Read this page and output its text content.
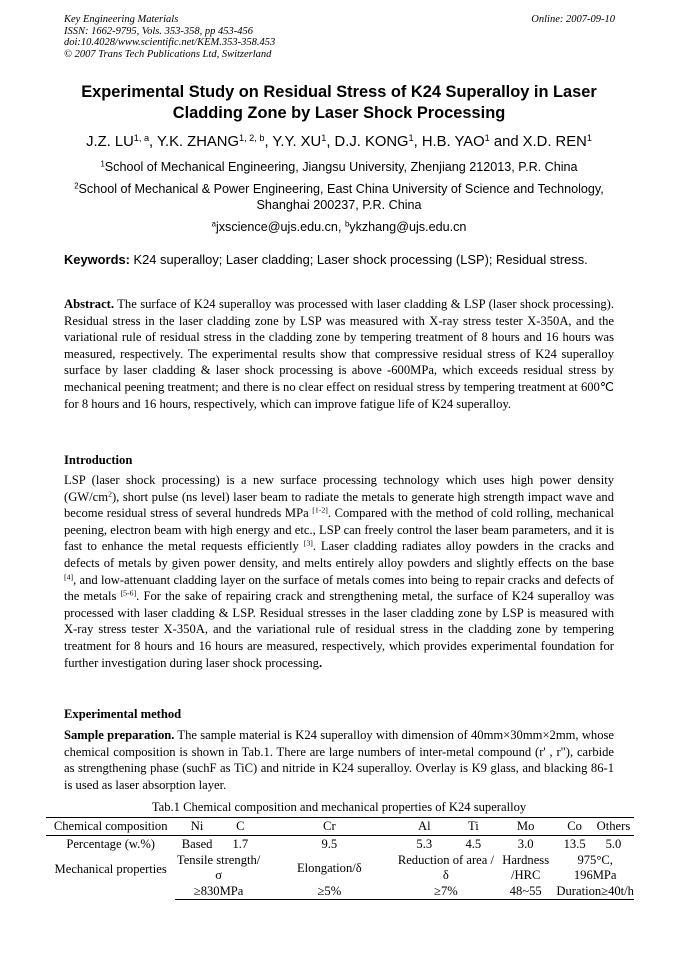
Key Engineering Materials
ISSN: 1662-9795, Vols. 353-358, pp 453-456
doi:10.4028/www.scientific.net/KEM.353-358.453
© 2007 Trans Tech Publications Ltd, Switzerland
Online: 2007-09-10
Experimental Study on Residual Stress of K24 Superalloy in Laser
Cladding Zone by Laser Shock Processing
J.Z. LU$^{1, a}$, Y.K. ZHANG$^{1, 2, b}$, Y.Y. $XU^1$, D.J. KONG$^1$, H.B. YAO$^1$ and X.D. REN$^1$
$^1$School of Mechanical Engineering, Jiangsu University, Zhenjiang 212013, P.R. China
$^2$School of Mechanical & Power Engineering, East China University of Science and Technology,
Shanghai 200237, P.R. China
$^a$jxscience@ujs.edu.cn, $^b$ykzhang@ujs.edu.cn
Keywords: K24 superalloy; Laser cladding; Laser shock processing (LSP); Residual stress.
Abstract. The surface of K24 superalloy was processed with laser cladding & LSP (laser shock processing). Residual stress in the laser cladding zone by LSP was measured with X-ray stress tester X-350A, and the variational rule of residual stress in the cladding zone by tempering treatment of 8 hours and 16 hours was measured, respectively. The experimental results show that compressive residual stress of K24 superalloy surface by laser cladding & laser shock processing is above -600MPa, which exceeds residual stress by mechanical peening treatment; and there is no clear effect on residual stress by tempering treatment at 600℃ for 8 hours and 16 hours, respectively, which can improve fatigue life of K24 superalloy.
Introduction
LSP (laser shock processing) is a new surface processing technology which uses high power density (GW/cm$^2$), short pulse (ns level) laser beam to radiate the metals to generate high strength impact wave and become residual stress of several hundreds MPa [1-2]. Compared with the method of cold rolling, mechanical peening, electron beam with high energy and etc., LSP can freely control the laser beam parameters, and it is fast to enhance the metal requests efficiently [3]. Laser cladding radiates alloy powders in the cracks and defects of metals by given power density, and melts entirely alloy powders and slightly effects on the base [4], and low-attenuant cladding layer on the surface of metals comes into being to repair cracks and defects of the metals [5-6]. For the sake of repairing crack and strengthening metal, the surface of K24 superalloy was processed with laser cladding & LSP. Residual stresses in the laser cladding zone by LSP is measured with X-ray stress tester X-350A, and the variational rule of residual stress in the cladding zone by tempering treatment for 8 hours and 16 hours are measured, respectively, which provides experimental foundation for further investigation during laser shock processing.
Experimental method
Sample preparation. The sample material is K24 superalloy with dimension of 40mm×30mm×2mm, whose chemical composition is shown in Tab.1. There are large numbers of inter-metal compound (r' , r"), carbide as strengthening phase (suchF as TiC) and nitride in K24 superalloy. Overlay is K9 glass, and blacking 86-1 is used as laser absorption layer.
Tab.1 Chemical composition and mechanical properties of K24 superalloy
Chemical composition	Ni	C	Cr	Al	Ti	Mo	Co	Others
Percentage (w.%)	Based	1.7	9.5	5.3	4.5	3.0	13.5	5.0
Mechanical properties	Tensile strength/σ		Elongation/δ	Reduction of area /δ		Hardness /HRC	975°C, 196MPa	
	≥830MPa		≥5%	≥7%		48~55	Duration≥40t/h	
